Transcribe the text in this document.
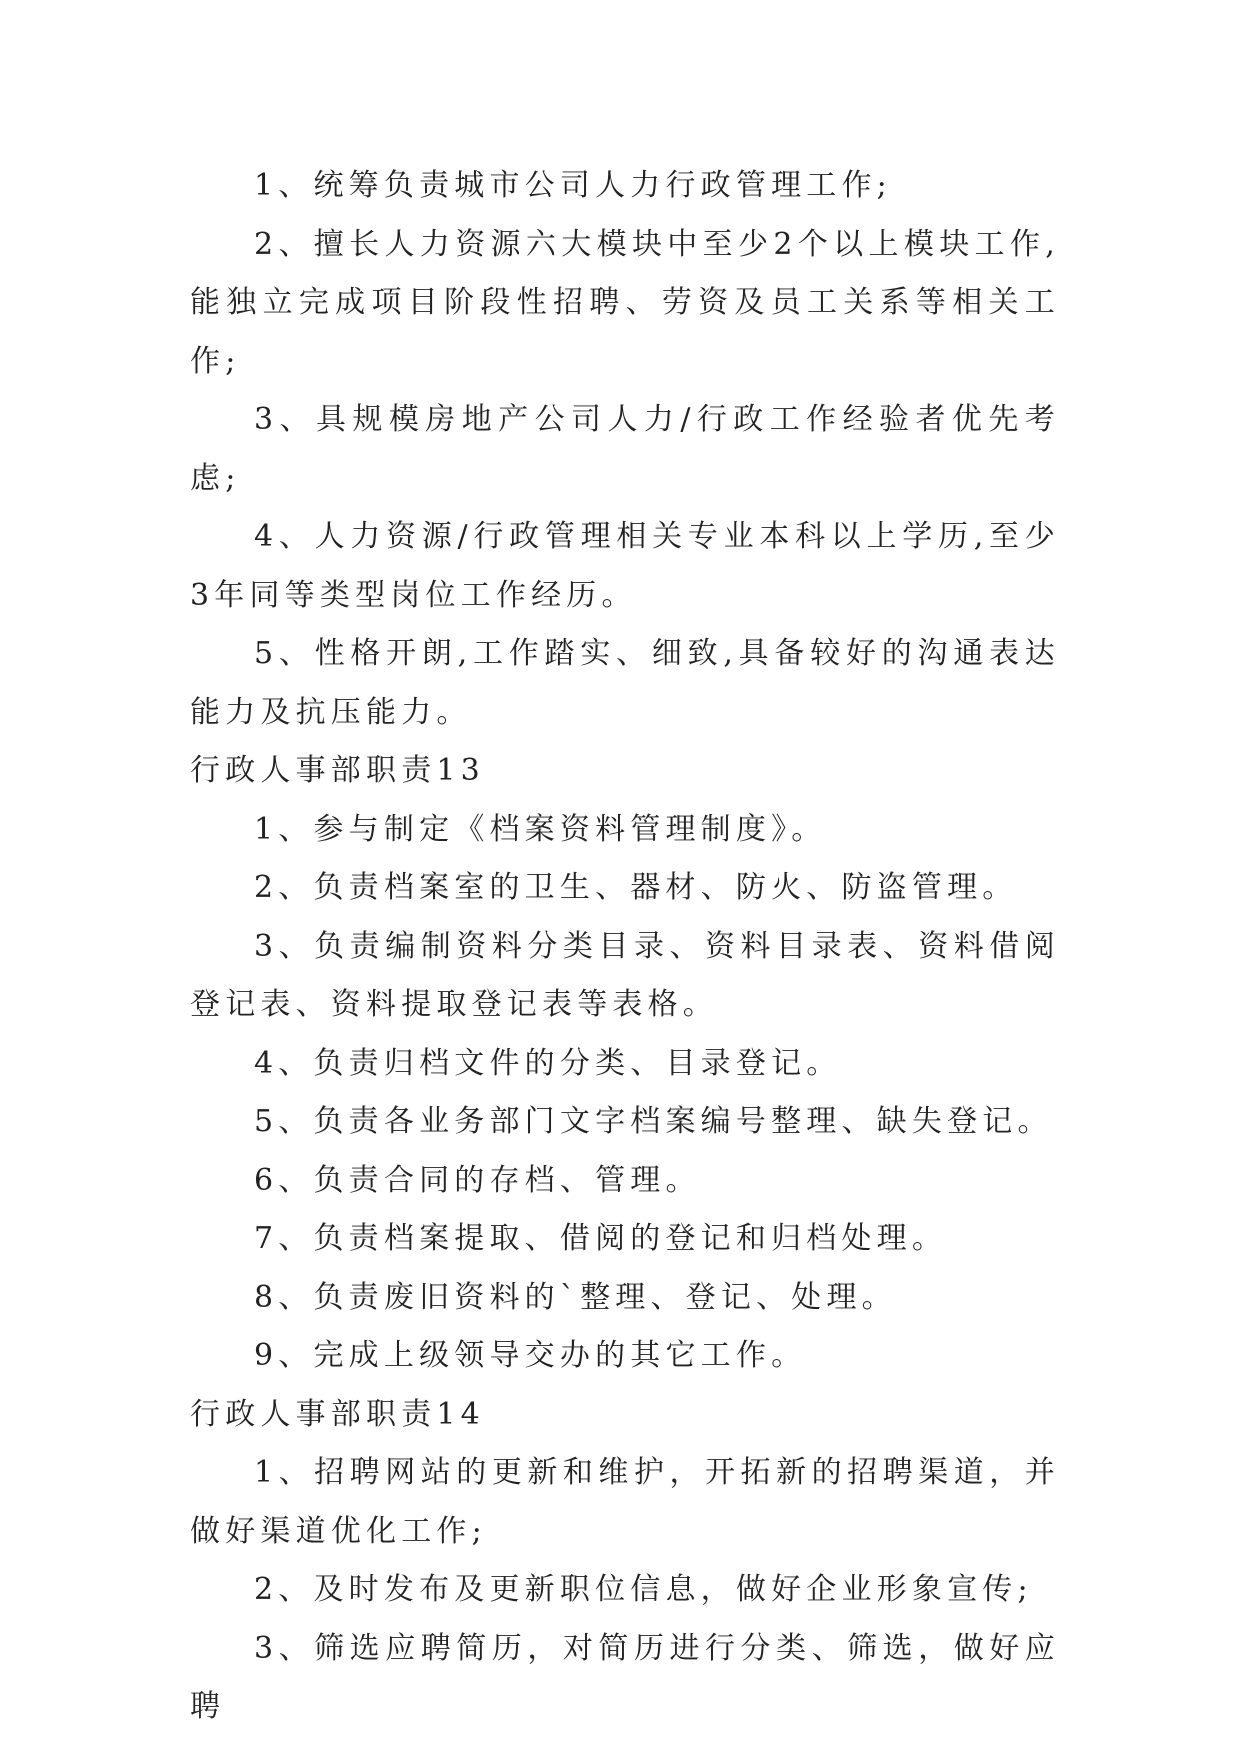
1、统筹负责城市公司人力行政管理工作;

2、擅长人力资源六大模块中至少2个以上模块工作,能独立完成项目阶段性招聘、劳资及员工关系等相关工作;

3、具规模房地产公司人力/行政工作经验者优先考虑;

4、人力资源/行政管理相关专业本科以上学历,至少3年同等类型岗位工作经历。

5、性格开朗,工作踏实、细致,具备较好的沟通表达能力及抗压能力。

行政人事部职责13

1、参与制定《档案资料管理制度》。

2、负责档案室的卫生、器材、防火、防盗管理。

3、负责编制资料分类目录、资料目录表、资料借阅登记表、资料提取登记表等表格。

4、负责归档文件的分类、目录登记。

5、负责各业务部门文字档案编号整理、缺失登记。

6、负责合同的存档、管理。

7、负责档案提取、借阅的登记和归档处理。

8、负责废旧资料的`整理、登记、处理。

9、完成上级领导交办的其它工作。

行政人事部职责14

1、招聘网站的更新和维护，开拓新的招聘渠道，并做好渠道优化工作;

2、及时发布及更新职位信息，做好企业形象宣传;

3、筛选应聘简历，对简历进行分类、筛选，做好应聘
